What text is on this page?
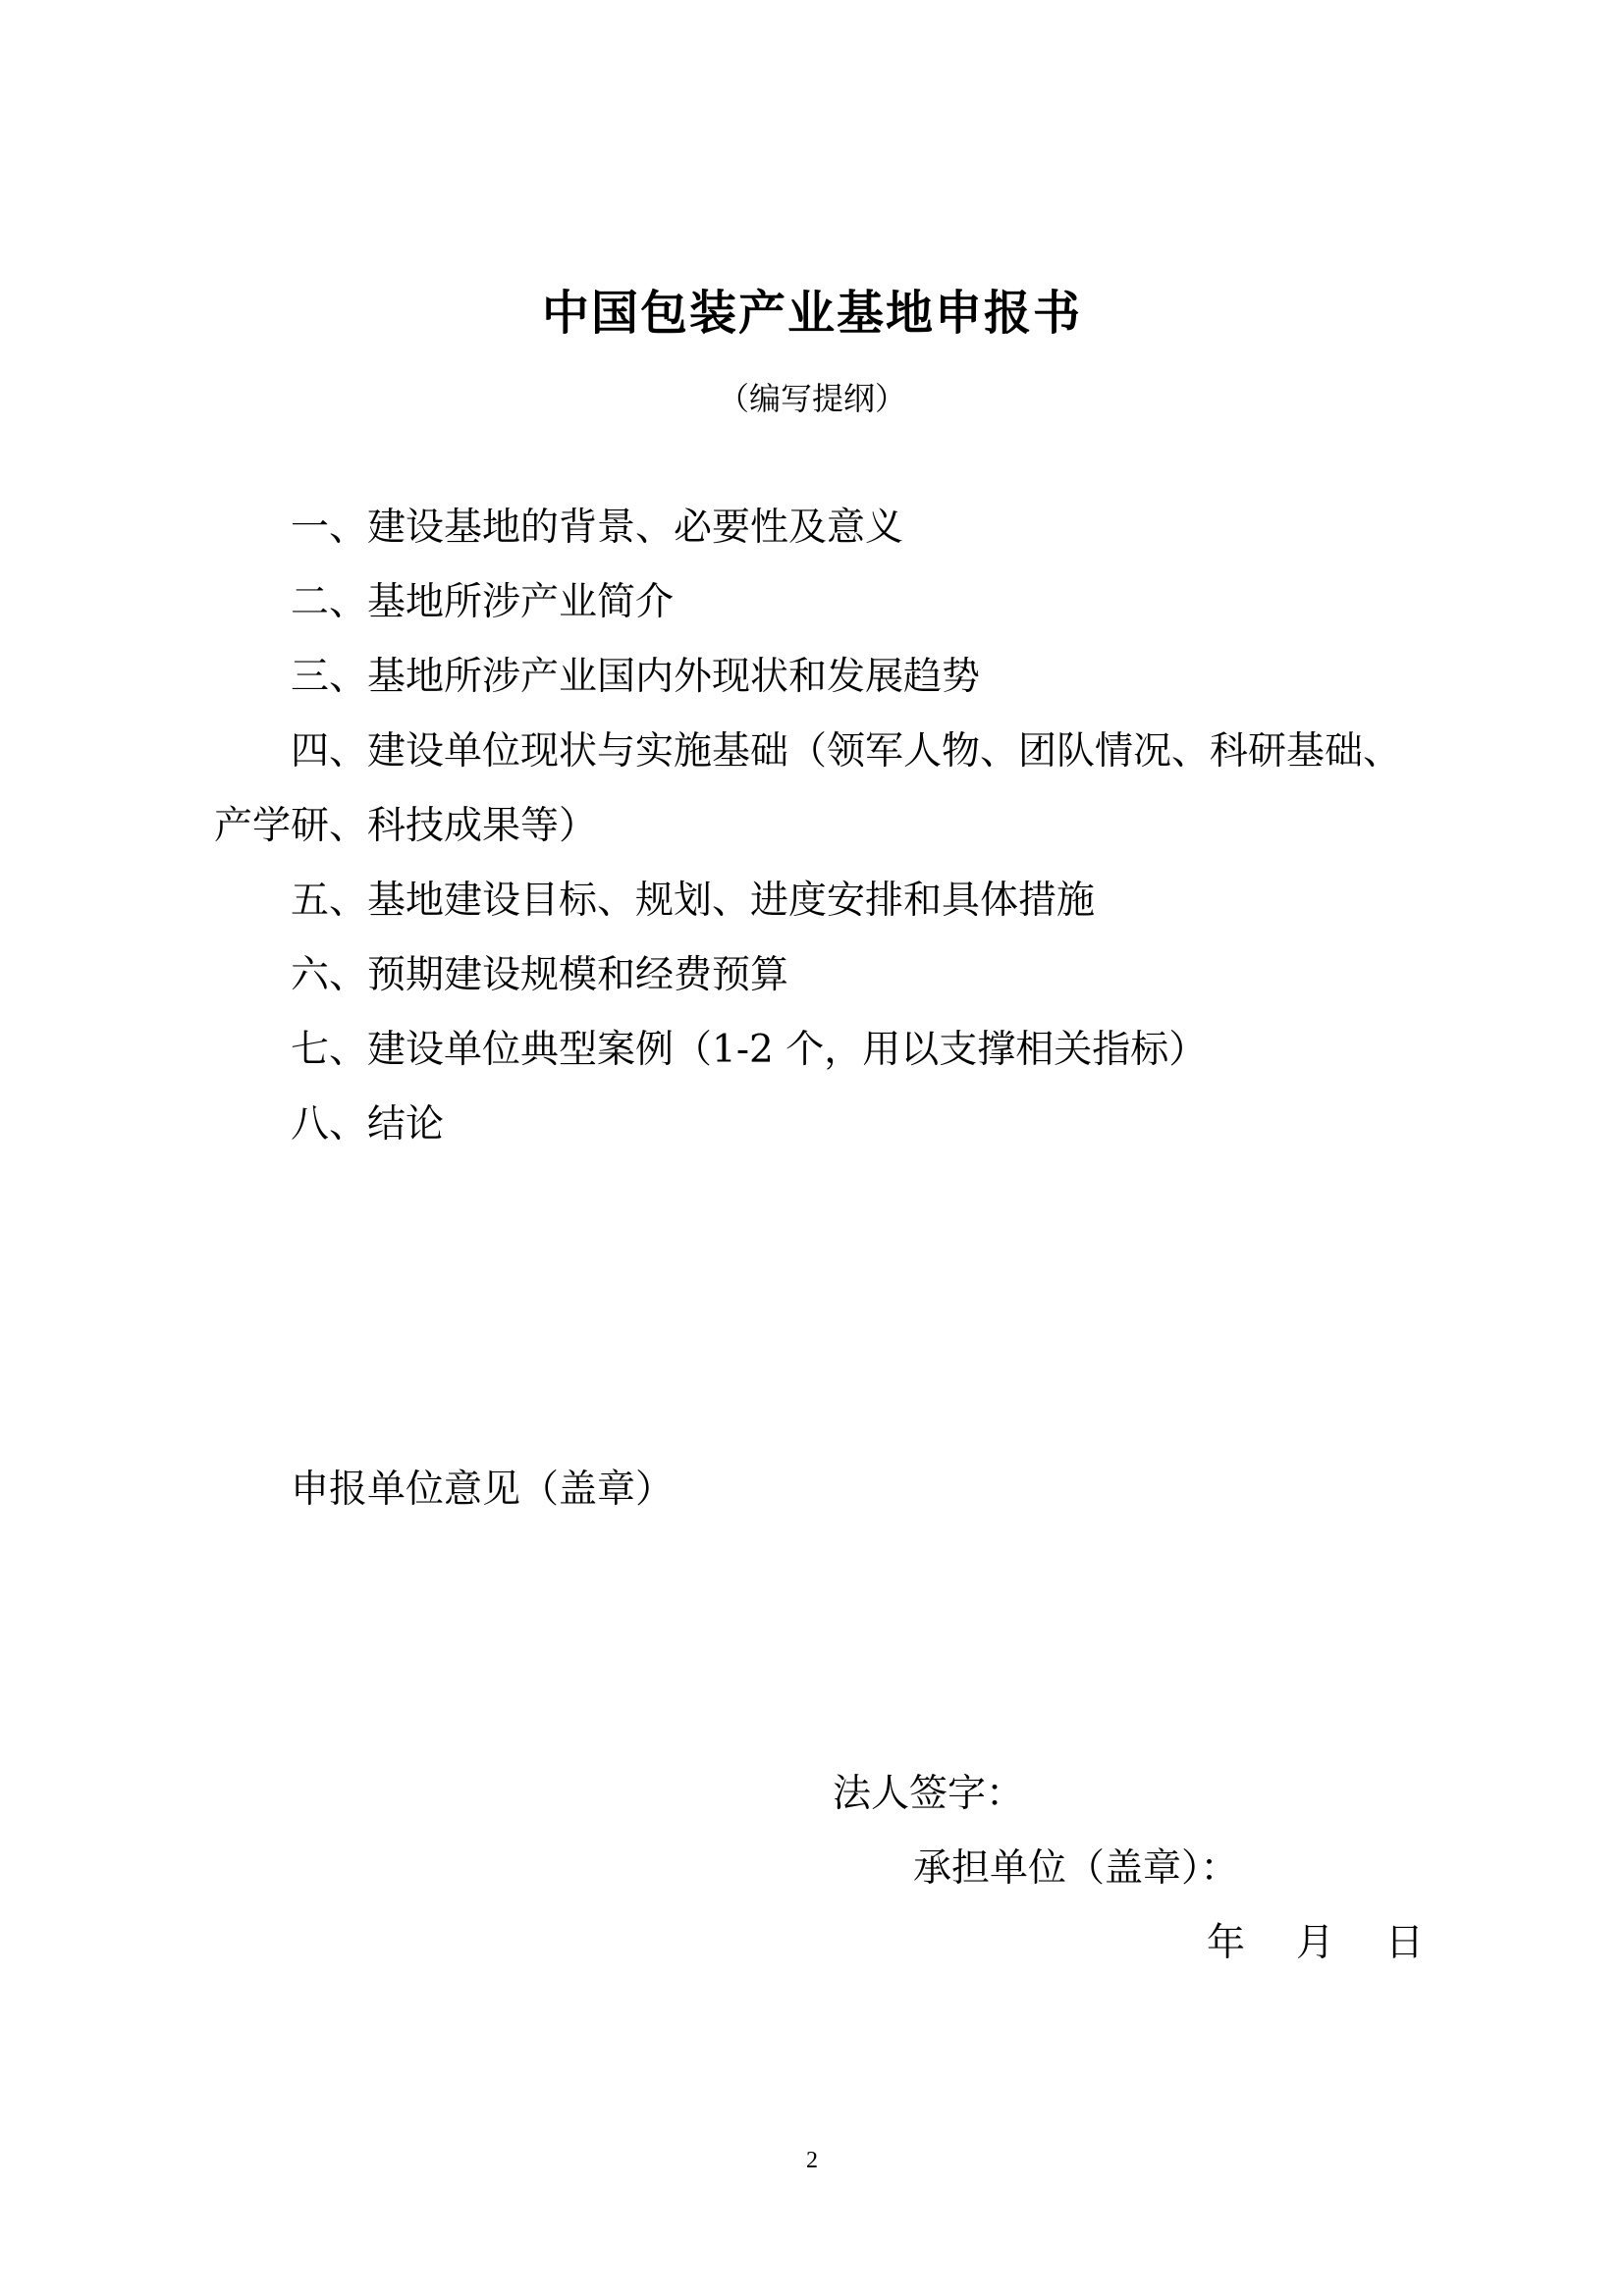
中国包装产业基地申报书
（编写提纲）
一、建设基地的背景、必要性及意义
二、基地所涉产业简介
三、基地所涉产业国内外现状和发展趋势
四、建设单位现状与实施基础（领军人物、团队情况、科研基础、产学研、科技成果等）
五、基地建设目标、规划、进度安排和具体措施
六、预期建设规模和经费预算
七、建设单位典型案例（1-2 个，用以支撑相关指标）
八、结论
申报单位意见（盖章）
法人签字：
承担单位（盖章）：
年 月 日
2
